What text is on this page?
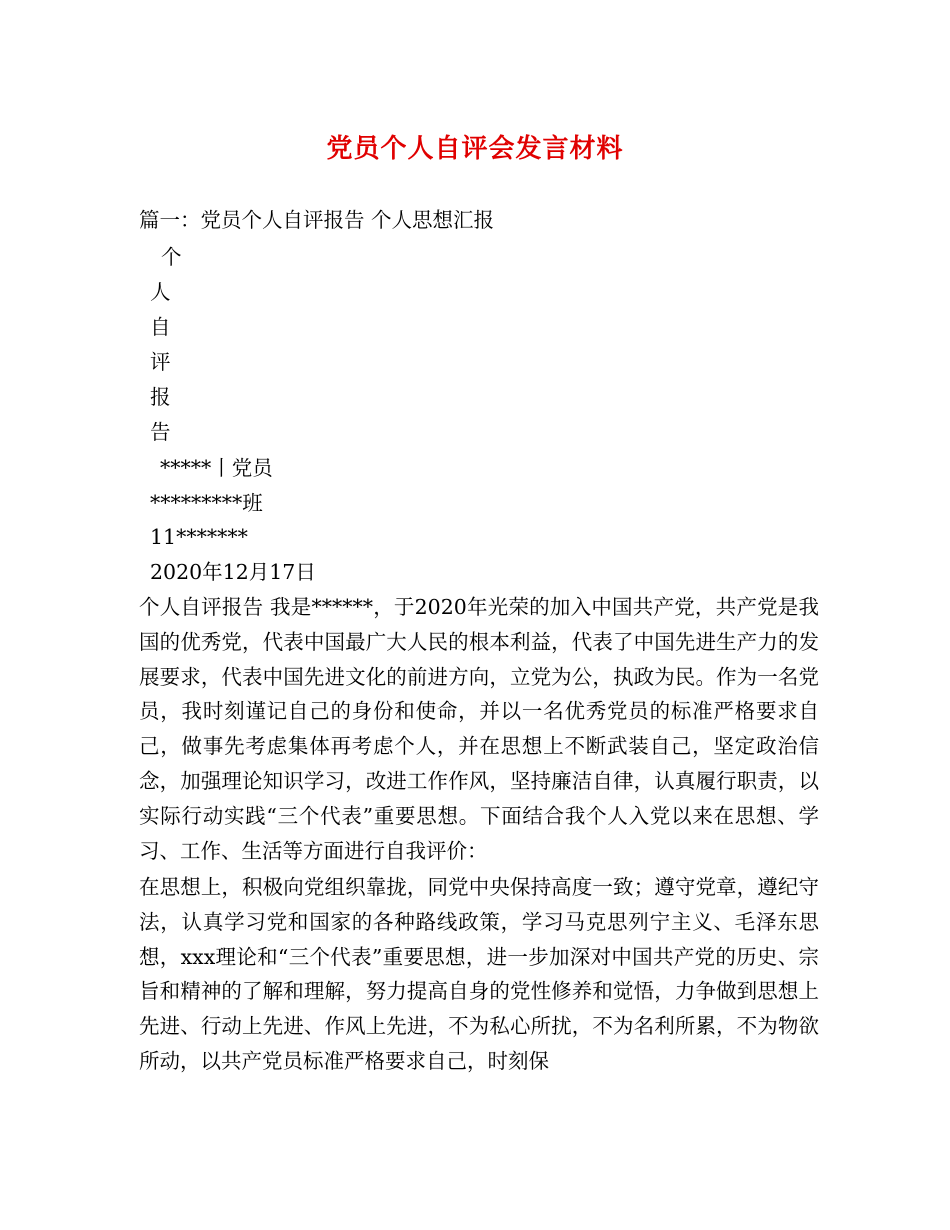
党员个人自评会发言材料
篇一：党员个人自评报告 个人思想汇报
个
人
自
评
报
告
*****丨党员
*********班
11*******
2020年12月17日
个人自评报告 我是******，于2020年光荣的加入中国共产党，共产党是我国的优秀党，代表中国最广大人民的根本利益，代表了中国先进生产力的发展要求，代表中国先进文化的前进方向，立党为公，执政为民。作为一名党员，我时刻谨记自己的身份和使命，并以一名优秀党员的标准严格要求自己，做事先考虑集体再考虑个人，并在思想上不断武装自己，坚定政治信念，加强理论知识学习，改进工作作风，坚持廉洁自律，认真履行职责，以实际行动实践“三个代表”重要思想。下面结合我个人入党以来在思想、学习、工作、生活等方面进行自我评价：
在思想上，积极向党组织靠拢，同党中央保持高度一致；遵守党章，遵纪守法，认真学习党和国家的各种路线政策，学习马克思列宁主义、毛泽东思想，xxx理论和“三个代表”重要思想，进一步加深对中国共产党的历史、宗旨和精神的了解和理解，努力提高自身的党性修养和觉悟，力争做到思想上先进、行动上先进、作风上先进，不为私心所扰，不为名利所累，不为物欲所动，以共产党员标准严格要求自己，时刻保
